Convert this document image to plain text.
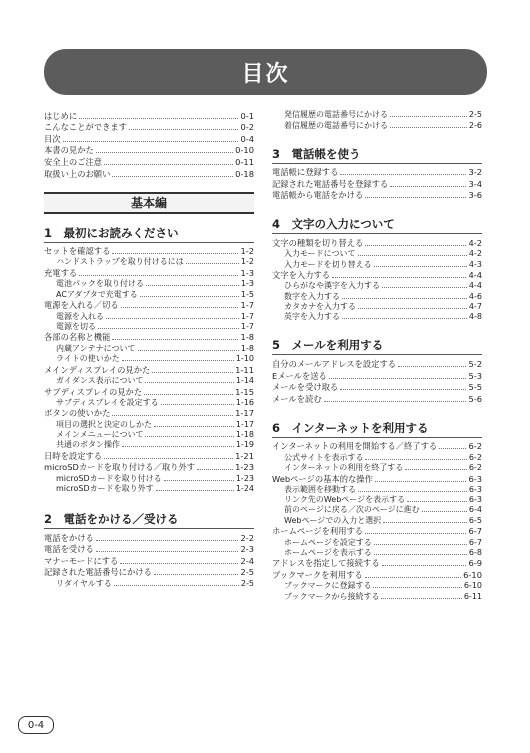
目次
はじめに	0-1
こんなことができます	0-2
目次	0-4
本書の見かた	0-10
安全上のご注意	0-11
取扱い上のお願い	0-18
基本編
1　最初にお読みください
セットを確認する	1-2
ハンドストラップを取り付けるには	1-2
充電する	1-3
電池パックを取り付ける	1-3
ACアダプタで充電する	1-5
電源を入れる／切る	1-7
電源を入れる	1-7
電源を切る	1-7
各部の名称と機能	1-8
内蔵アンテナについて	1-8
ライトの使いかた	1-10
メインディスプレイの見かた	1-11
ガイダンス表示について	1-14
サブディスプレイの見かた	1-15
サブディスプレイを設定する	1-16
ボタンの使いかた	1-17
項目の選択と決定のしかた	1-17
メインメニューについて	1-18
共通のボタン操作	1-19
日時を設定する	1-21
microSDカードを取り付ける／取り外す	1-23
microSDカードを取り付ける	1-23
microSDカードを取り外す	1-24
2　電話をかける／受ける
電話をかける	2-2
電話を受ける	2-3
マナーモードにする	2-4
記録された電話番号にかける	2-5
リダイヤルする	2-5
発信履歴の電話番号にかける	2-5
着信履歴の電話番号にかける	2-6
3　電話帳を使う
電話帳に登録する	3-2
記録された電話番号を登録する	3-4
電話帳から電話をかける	3-6
4　文字の入力について
文字の種類を切り替える	4-2
入力モードについて	4-2
入力モードを切り替える	4-3
文字を入力する	4-4
ひらがなや漢字を入力する	4-4
数字を入力する	4-6
カタカナを入力する	4-7
英字を入力する	4-8
5　メールを利用する
自分のメールアドレスを設定する	5-2
Eメールを送る	5-3
メールを受け取る	5-5
メールを読む	5-6
6　インターネットを利用する
インターネットの利用を開始する／終了する	6-2
公式サイトを表示する	6-2
インターネットの利用を終了する	6-2
Webページの基本的な操作	6-3
表示範囲を移動する	6-3
リンク先のWebページを表示する	6-3
前のページに戻る／次のページに進む	6-4
Webページでの入力と選択	6-5
ホームページを利用する	6-7
ホームページを設定する	6-7
ホームページを表示する	6-8
アドレスを指定して接続する	6-9
ブックマークを利用する	6-10
ブックマークに登録する	6-10
ブックマークから接続する	6-11
0-4
